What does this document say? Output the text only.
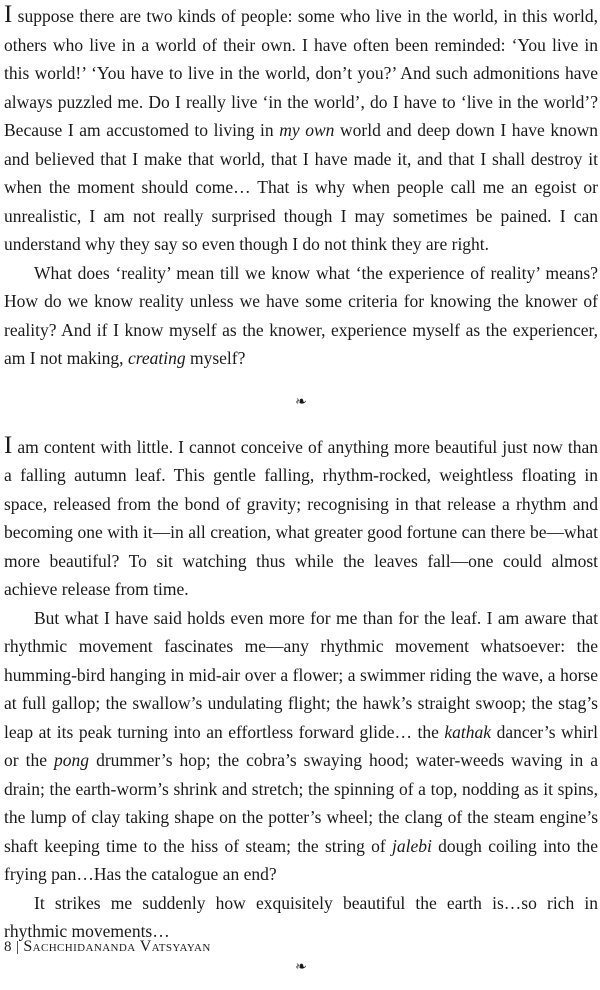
I suppose there are two kinds of people: some who live in the world, in this world, others who live in a world of their own. I have often been reminded: ‘You live in this world!’ ‘You have to live in the world, don’t you?’ And such admonitions have always puzzled me. Do I really live ‘in the world’, do I have to ‘live in the world’? Because I am accustomed to living in my own world and deep down I have known and believed that I make that world, that I have made it, and that I shall destroy it when the moment should come… That is why when people call me an egoist or unrealistic, I am not really surprised though I may sometimes be pained. I can understand why they say so even though I do not think they are right.

What does ‘reality’ mean till we know what ‘the experience of reality’ means? How do we know reality unless we have some criteria for knowing the knower of reality? And if I know myself as the knower, experience myself as the experiencer, am I not making, creating myself?

❧

I am content with little. I cannot conceive of anything more beautiful just now than a falling autumn leaf. This gentle falling, rhythm-rocked, weightless floating in space, released from the bond of gravity; recognising in that release a rhythm and becoming one with it—in all creation, what greater good fortune can there be—what more beautiful? To sit watching thus while the leaves fall—one could almost achieve release from time.

But what I have said holds even more for me than for the leaf. I am aware that rhythmic movement fascinates me—any rhythmic movement whatsoever: the humming-bird hanging in mid-air over a flower; a swimmer riding the wave, a horse at full gallop; the swallow’s undulating flight; the hawk’s straight swoop; the stag’s leap at its peak turning into an effortless forward glide… the kathak dancer’s whirl or the pong drummer’s hop; the cobra’s swaying hood; water-weeds waving in a drain; the earth-worm’s shrink and stretch; the spinning of a top, nodding as it spins, the lump of clay taking shape on the potter’s wheel; the clang of the steam engine’s shaft keeping time to the hiss of steam; the string of jalebi dough coiling into the frying pan…Has the catalogue an end?

It strikes me suddenly how exquisitely beautiful the earth is…so rich in rhythmic movements…

❧
8 | Sachchidananda Vatsyayan
